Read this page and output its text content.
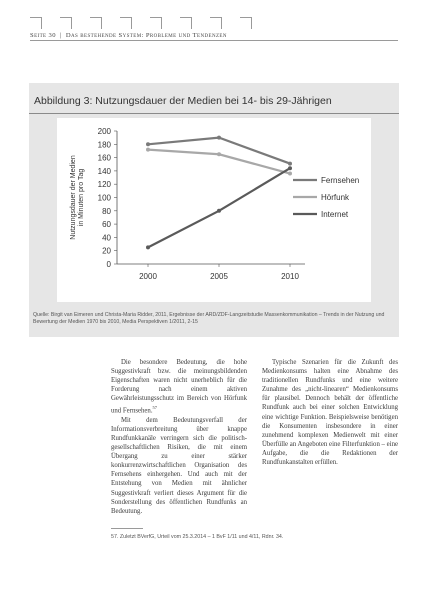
Seite 30  |  Das bestehende System: Probleme und Tendenzen
Abbildung 3: Nutzungsdauer der Medien bei 14- bis 29-Jährigen
0
20
40
60
80
100
120
140
160
180
200
2000	2005	2010
Nutzungsdauer der Medienin Minuten pro Tag	Fernsehen
Hörfunk
Internet
Quelle: Birgit van Eimeren und Christa-Maria Ridder, 2011, Ergebnisse der ARD/ZDF-Langzeitstudie Massenkommunikation – Trends in der Nutzung und Bewertung der Medien 1970 bis 2010, Media Perspektiven 1/2011, 2-15

Die besondere Bedeutung, die hohe Suggestivkraft bzw. die meinungsbildenden Eigenschaften waren nicht unerheblich für die Forderung nach einem aktiven Gewährleistungsschutz im Bereich von Hörfunk und Fernsehen.$^{57}$

Mit dem Bedeutungsverfall der Informationsverbreitung über knappe Rundfunkkanäle verringern sich die politisch-gesellschaftlichen Risiken, die mit einem Übergang zu einer stärker konkurrenzwirtschaftlichen Organisation des Fernsehens einhergehen. Und auch mit der Entstehung von Medien mit ähnlicher Suggestivkraft verliert dieses Argument für die Sonderstellung des öffentlichen Rundfunks an Bedeutung.

Typische Szenarien für die Zukunft des Medienkonsums halten eine Abnahme des traditionellen Rundfunks und eine weitere Zunahme des „nicht-linearen“ Medienkonsums für plausibel. Dennoch behält der öffentliche Rundfunk auch bei einer solchen Entwicklung eine wichtige Funktion. Beispielsweise benötigen die Konsumenten insbesondere in einer zunehmend komplexen Medienwelt mit einer Überfülle an Angeboten eine Filterfunktion – eine Aufgabe, die die Redaktionen der Rundfunkanstalten erfüllen.

57. Zuletzt BVerfG, Urteil vom 25.3.2014 – 1 BvF 1/11 und 4/11, Rdnr. 34.
